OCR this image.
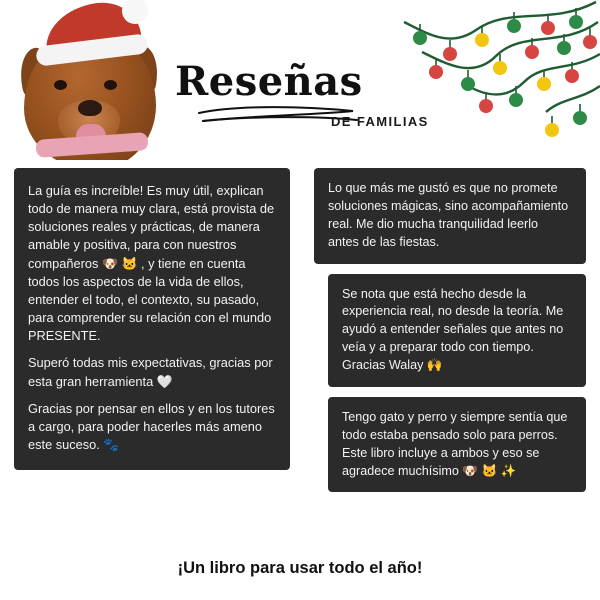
Reseñas
DE FAMILIAS

La guía es increíble! Es muy útil, explican todo de manera muy clara, está provista de soluciones reales y prácticas, de manera amable y positiva, para con nuestros compañeros 🐶 🐱 , y tiene en cuenta todos los aspectos de la vida de ellos, entender el todo, el contexto, su pasado, para comprender su relación con el mundo PRESENTE.

Superó todas mis expectativas, gracias por esta gran herramienta 🤍

Gracias por pensar en ellos y en los tutores a cargo, para poder hacerles más ameno este suceso. 🐾

Lo que más me gustó es que no promete soluciones mágicas, sino acompañamiento real. Me dio mucha tranquilidad leerlo antes de las fiestas.

Se nota que está hecho desde la experiencia real, no desde la teoría. Me ayudó a entender señales que antes no veía y a preparar todo con tiempo. Gracias Walay 🙌

Tengo gato y perro y siempre sentía que todo estaba pensado solo para perros. Este libro incluye a ambos y eso se agradece muchísimo 🐶 🐱 ✨

¡Un libro para usar todo el año!
